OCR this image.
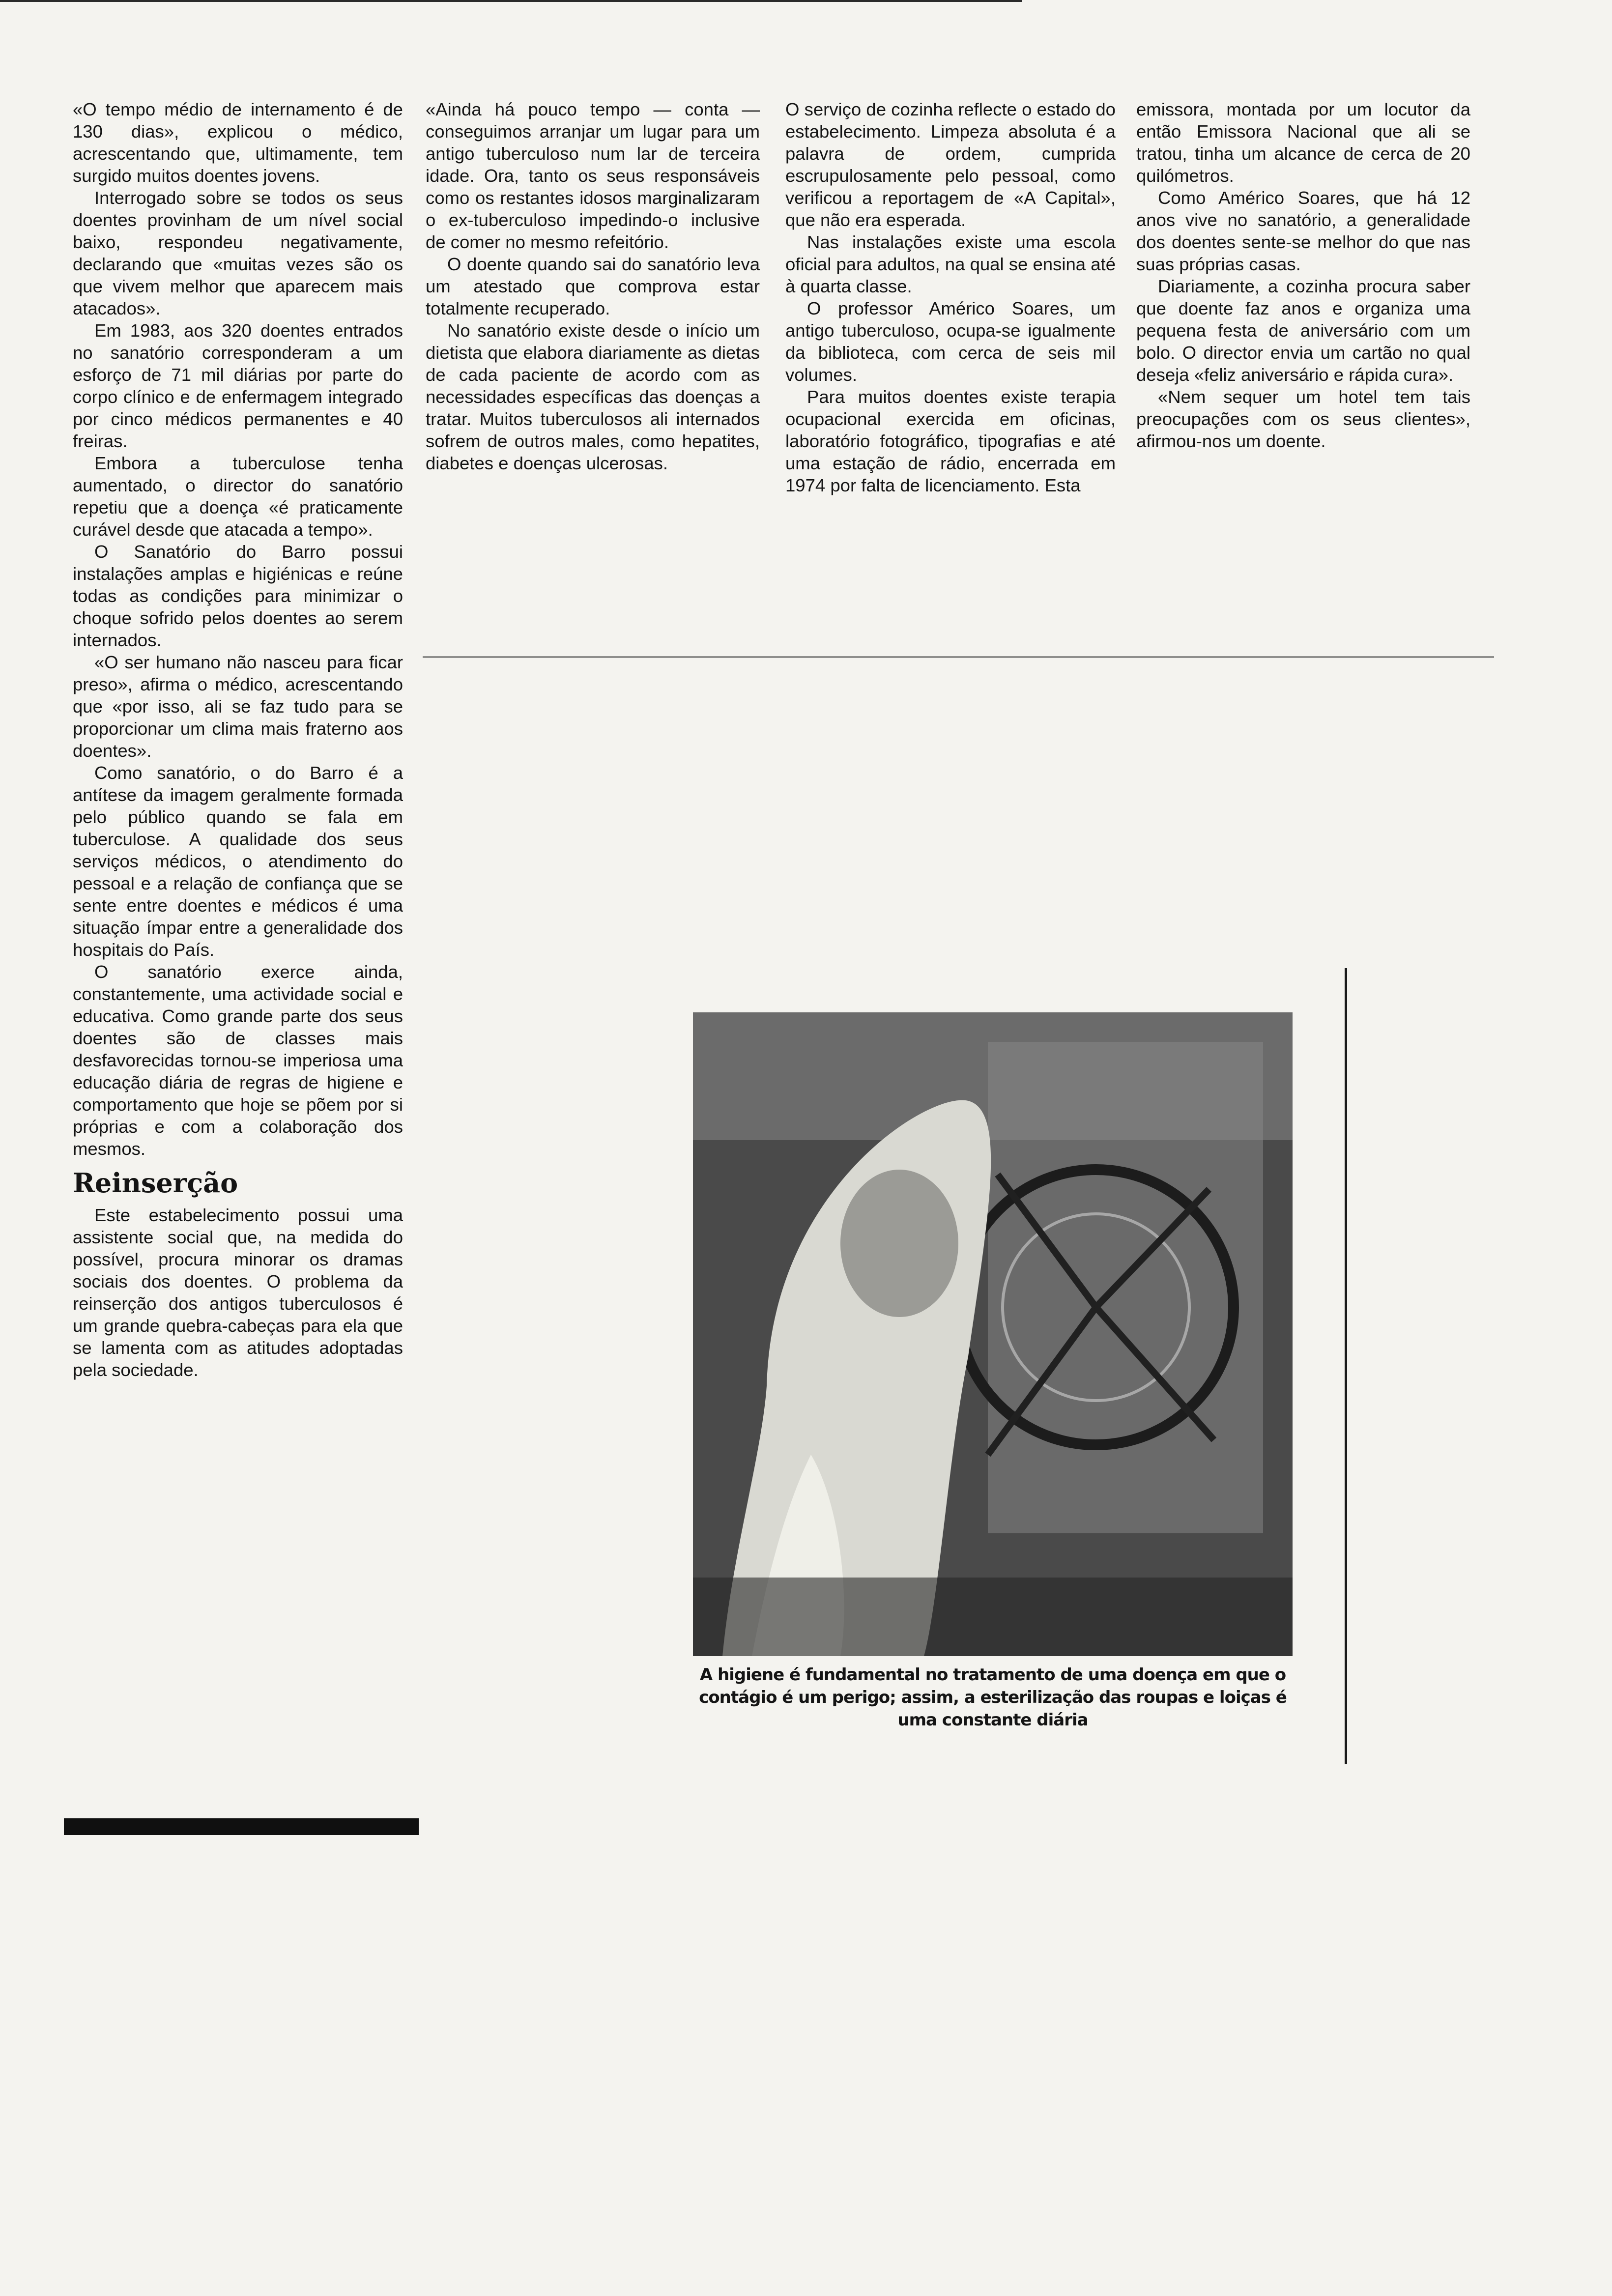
«O tempo médio de internamento é de 130 dias», explicou o médico, acrescentando que, ultimamente, tem surgido muitos doentes jovens.

Interrogado sobre se todos os seus doentes provinham de um nível social baixo, respondeu negativamente, declarando que «muitas vezes são os que vivem melhor que aparecem mais atacados».

Em 1983, aos 320 doentes entrados no sanatório corresponderam a um esforço de 71 mil diárias por parte do corpo clínico e de enfermagem integrado por cinco médicos permanentes e 40 freiras.

Embora a tuberculose tenha aumentado, o director do sanatório repetiu que a doença «é praticamente curável desde que atacada a tempo».

O Sanatório do Barro possui instalações amplas e higiénicas e reúne todas as condições para minimizar o choque sofrido pelos doentes ao serem internados.

«O ser humano não nasceu para ficar preso», afirma o médico, acrescentando que «por isso, ali se faz tudo para se proporcionar um clima mais fraterno aos doentes».

Como sanatório, o do Barro é a antítese da imagem geralmente formada pelo público quando se fala em tuberculose. A qualidade dos seus serviços médicos, o atendimento do pessoal e a relação de confiança que se sente entre doentes e médicos é uma situação ímpar entre a generalidade dos hospitais do País.

O sanatório exerce ainda, constantemente, uma actividade social e educativa. Como grande parte dos seus doentes são de classes mais desfavorecidas tornou-se imperiosa uma educação diária de regras de higiene e comportamento que hoje se põem por si próprias e com a colaboração dos mesmos.

Reinserção

Este estabelecimento possui uma assistente social que, na medida do possível, procura minorar os dramas sociais dos doentes. O problema da reinserção dos antigos tuberculosos é um grande quebra-cabeças para ela que se lamenta com as atitudes adoptadas pela sociedade.

«Ainda há pouco tempo — conta — conseguimos arranjar um lugar para um antigo tuberculoso num lar de terceira idade. Ora, tanto os seus responsáveis como os restantes idosos marginalizaram o ex-tuberculoso impedindo-o inclusive de comer no mesmo refeitório.

O doente quando sai do sanatório leva um atestado que comprova estar totalmente recuperado.

No sanatório existe desde o início um dietista que elabora diariamente as dietas de cada paciente de acordo com as necessidades específicas das doenças a tratar. Muitos tuberculosos ali internados sofrem de outros males, como hepatites, diabetes e doenças ulcerosas.

O serviço de cozinha reflecte o estado do estabelecimento. Limpeza absoluta é a palavra de ordem, cumprida escrupulosamente pelo pessoal, como verificou a reportagem de «A Capital», que não era esperada.

Nas instalações existe uma escola oficial para adultos, na qual se ensina até à quarta classe.

O professor Américo Soares, um antigo tuberculoso, ocupa-se igualmente da biblioteca, com cerca de seis mil volumes.

Para muitos doentes existe terapia ocupacional exercida em oficinas, laboratório fotográfico, tipografias e até uma estação de rádio, encerrada em 1974 por falta de licenciamento. Esta

emissora, montada por um locutor da então Emissora Nacional que ali se tratou, tinha um alcance de cerca de 20 quilómetros.

Como Américo Soares, que há 12 anos vive no sanatório, a generalidade dos doentes sente-se melhor do que nas suas próprias casas.

Diariamente, a cozinha procura saber que doente faz anos e organiza uma pequena festa de aniversário com um bolo. O director envia um cartão no qual deseja «feliz aniversário e rápida cura».

«Nem sequer um hotel tem tais preocupações com os seus clientes», afirmou-nos um doente.

A higiene é fundamental no tratamento de uma doença em que o contágio é um perigo; assim, a esterilização das roupas e loiças é uma constante diária
